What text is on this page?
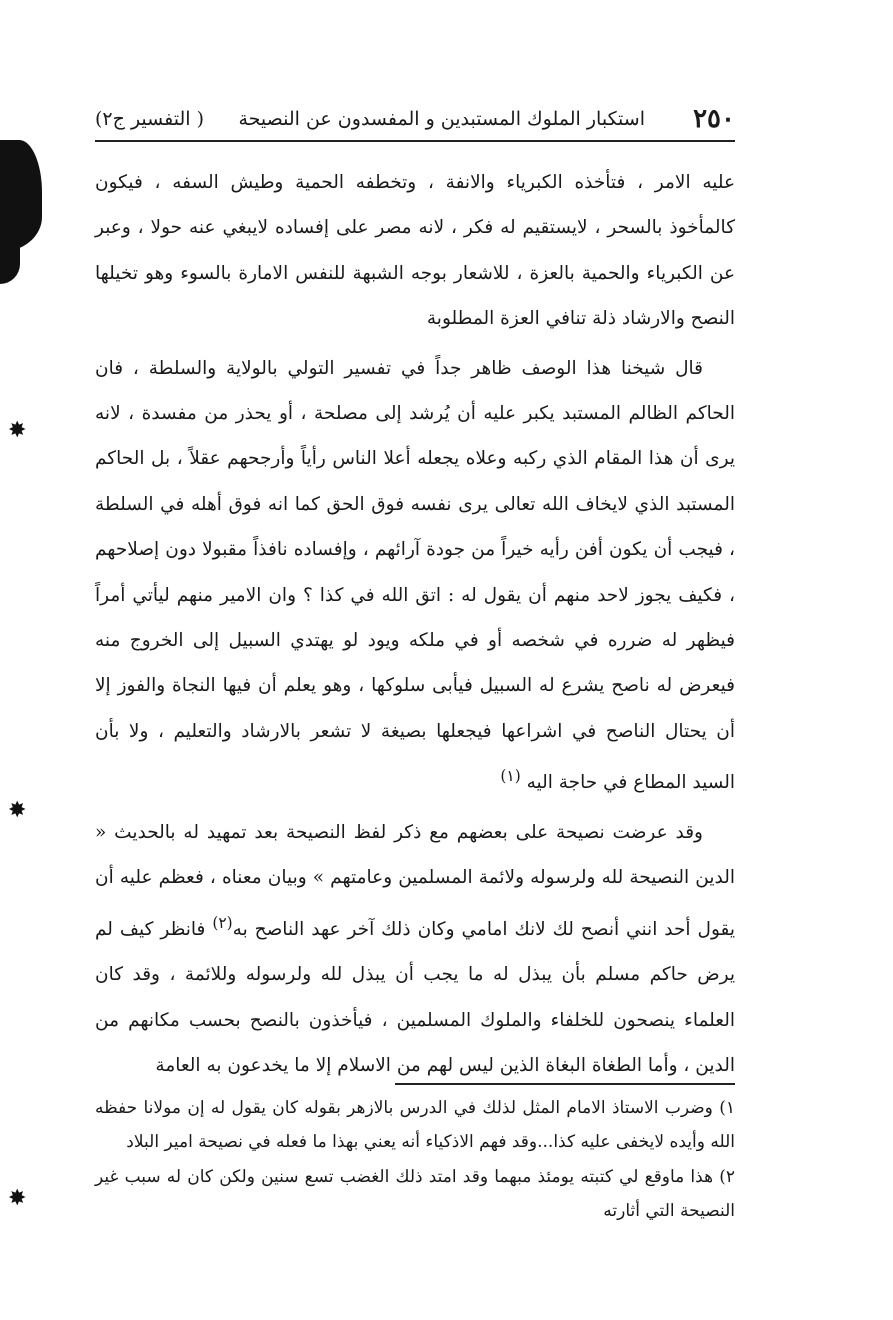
✸
✸
✸
٢٥٠
استكبار الملوك المستبدين و المفسدون عن النصيحة
( التفسير ج٢)

عليه الامر ، فتأخذه الكبرياء والانفة ، وتخطفه الحمية وطيش السفه ، فيكون كالمأخوذ بالسحر ، لايستقيم له فكر ، لانه مصر على إفساده لايبغي عنه حولا ، وعبر عن الكبرياء والحمية بالعزة ، للاشعار بوجه الشبهة للنفس الامارة بالسوء وهو تخيلها النصح والارشاد ذلة تنافي العزة المطلوبة

قال شيخنا هذا الوصف ظاهر جداً في تفسير التولي بالولاية والسلطة ، فان الحاكم الظالم المستبد يكبر عليه أن يُرشد إلى مصلحة ، أو يحذر من مفسدة ، لانه يرى أن هذا المقام الذي ركبه وعلاه يجعله أعلا الناس رأياً وأرجحهم عقلاً ، بل الحاكم المستبد الذي لايخاف الله تعالى يرى نفسه فوق الحق كما انه فوق أهله في السلطة ، فيجب أن يكون أفن رأيه خيراً من جودة آرائهم ، وإفساده نافذاً مقبولا دون إصلاحهم ، فكيف يجوز لاحد منهم أن يقول له : اتق الله في كذا ؟ وان الامير منهم ليأتي أمراً فيظهر له ضرره في شخصه أو في ملكه ويود لو يهتدي السبيل إلى الخروج منه فيعرض له ناصح يشرع له السبيل فيأبى سلوكها ، وهو يعلم أن فيها النجاة والفوز إلا أن يحتال الناصح في اشراعها فيجعلها بصيغة لا تشعر بالارشاد والتعليم ، ولا بأن السيد المطاع في حاجة اليه $^{(١)}$

وقد عرضت نصيحة على بعضهم مع ذكر لفظ النصيحة بعد تمهيد له بالحديث « الدين النصيحة لله ولرسوله ولائمة المسلمين وعامتهم » وبيان معناه ، فعظم عليه أن يقول أحد انني أنصح لك لانك امامي وكان ذلك آخر عهد الناصح به$^{(٢)}$ فانظر كيف لم يرض حاكم مسلم بأن يبذل له ما يجب أن يبذل لله ولرسوله وللائمة ، وقد كان العلماء ينصحون للخلفاء والملوك المسلمين ، فيأخذون بالنصح بحسب مكانهم من الدين ، وأما الطغاة البغاة الذين ليس لهم من الاسلام إلا ما يخدعون به العامة

١) وضرب الاستاذ الامام المثل لذلك في الدرس بالازهر بقوله كان يقول له إن مولانا حفظه الله وأيده لايخفى عليه كذا...وقد فهم الاذكياء أنه يعني بهذا ما فعله في نصيحة امير البلاد

٢) هذا ماوقع لي كتبته يومئذ مبهما وقد امتد ذلك الغضب تسع سنين ولكن كان له سبب غير النصيحة التي أثارته
